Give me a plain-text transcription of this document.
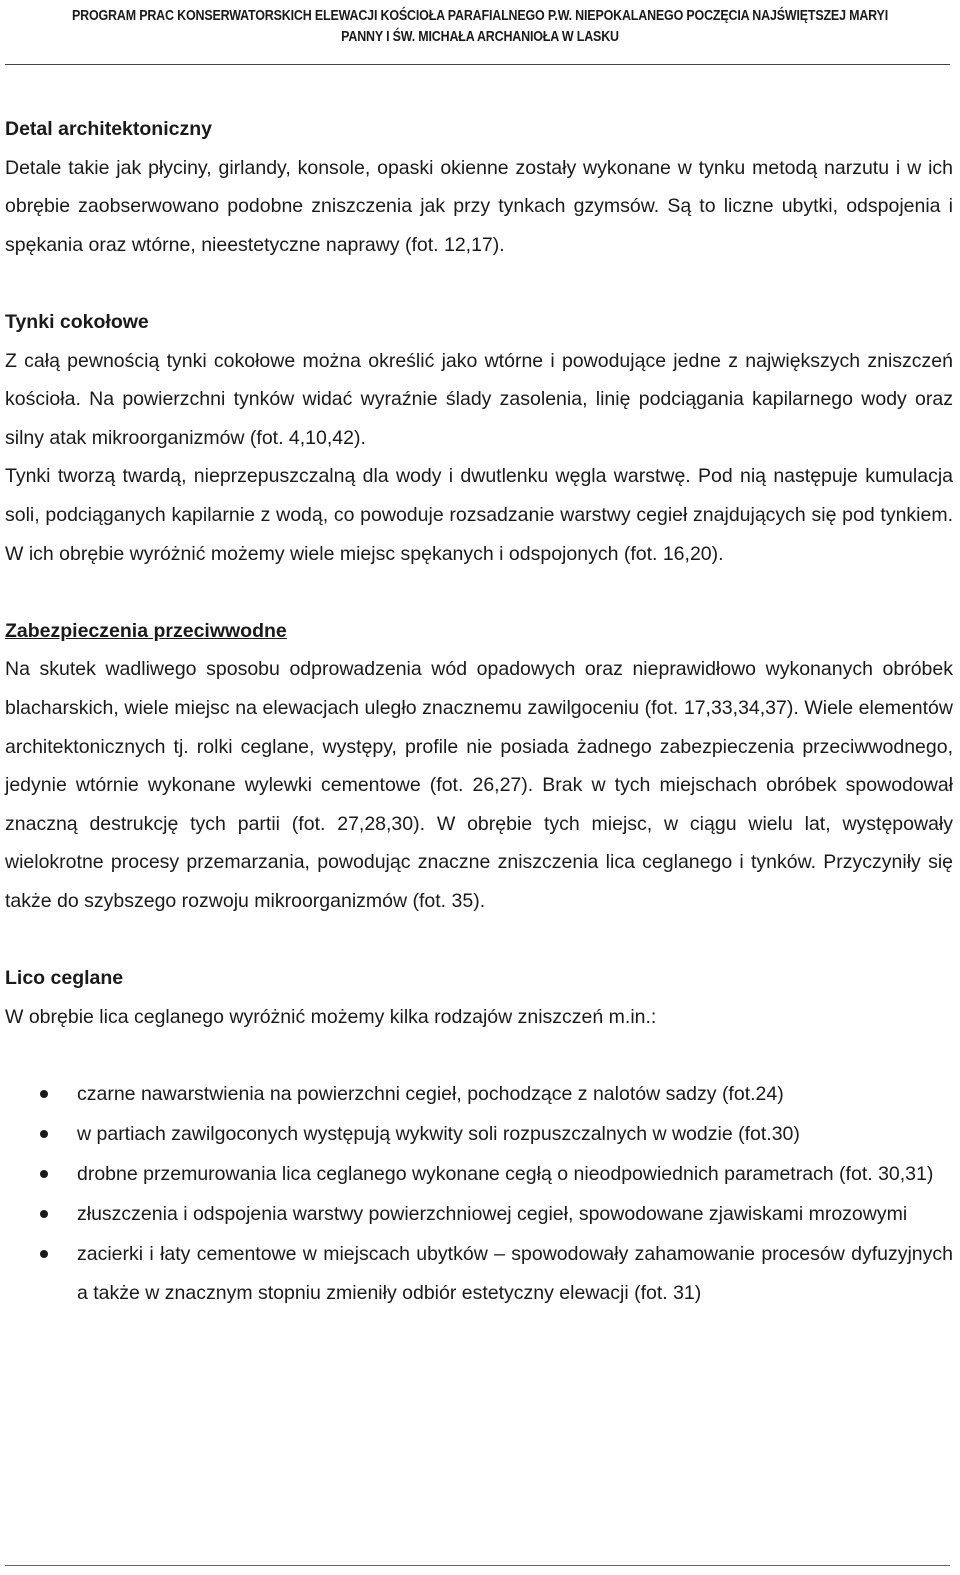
PROGRAM PRAC KONSERWATORSKICH ELEWACJI KOŚCIOŁA PARAFIALNEGO P.W. NIEPOKALANEGO POCZĘCIA NAJŚWIĘTSZEJ MARYI
PANNY I ŚW. MICHAŁA ARCHANIOŁA W LASKU
Detal architektoniczny

Detale takie jak płyciny, girlandy, konsole, opaski okienne zostały wykonane w tynku metodą narzutu i w ich obrębie zaobserwowano podobne zniszczenia jak przy tynkach gzymsów. Są to liczne ubytki, odspojenia i spękania oraz wtórne, nieestetyczne naprawy (fot. 12,17).

Tynki cokołowe

Z całą pewnością tynki cokołowe można określić jako wtórne i powodujące jedne z największych zniszczeń kościoła. Na powierzchni tynków widać wyraźnie ślady zasolenia, linię podciągania kapilarnego wody oraz silny atak mikroorganizmów (fot. 4,10,42).

Tynki tworzą twardą, nieprzepuszczalną dla wody i dwutlenku węgla warstwę. Pod nią następuje kumulacja soli, podciąganych kapilarnie z wodą, co powoduje rozsadzanie warstwy cegieł znajdujących się pod tynkiem. W ich obrębie wyróżnić możemy wiele miejsc spękanych i odspojonych (fot. 16,20).

Zabezpieczenia przeciwwodne

Na skutek wadliwego sposobu odprowadzenia wód opadowych oraz nieprawidłowo wykonanych obróbek blacharskich, wiele miejsc na elewacjach uległo znacznemu zawilgoceniu (fot. 17,33,34,37). Wiele elementów architektonicznych tj. rolki ceglane, występy, profile nie posiada żadnego zabezpieczenia przeciwwodnego, jedynie wtórnie wykonane wylewki cementowe (fot. 26,27). Brak w tych miejschach obróbek spowodował znaczną destrukcję tych partii (fot. 27,28,30). W obrębie tych miejsc, w ciągu wielu lat, występowały wielokrotne procesy przemarzania, powodując znaczne zniszczenia lica ceglanego i tynków. Przyczyniły się także do szybszego rozwoju mikroorganizmów (fot. 35).

Lico ceglane

W obrębie lica ceglanego wyróżnić możemy kilka rodzajów zniszczeń m.in.:

czarne nawarstwienia na powierzchni cegieł, pochodzące z nalotów sadzy (fot.24)
w partiach zawilgoconych występują wykwity soli rozpuszczalnych w wodzie (fot.30)
drobne przemurowania lica ceglanego wykonane cegłą o nieodpowiednich parametrach (fot. 30,31)
złuszczenia i odspojenia warstwy powierzchniowej cegieł, spowodowane zjawiskami mrozowymi
zacierki i łaty cementowe w miejscach ubytków – spowodowały zahamowanie procesów dyfuzyjnych a także w znacznym stopniu zmieniły odbiór estetyczny elewacji (fot. 31)
